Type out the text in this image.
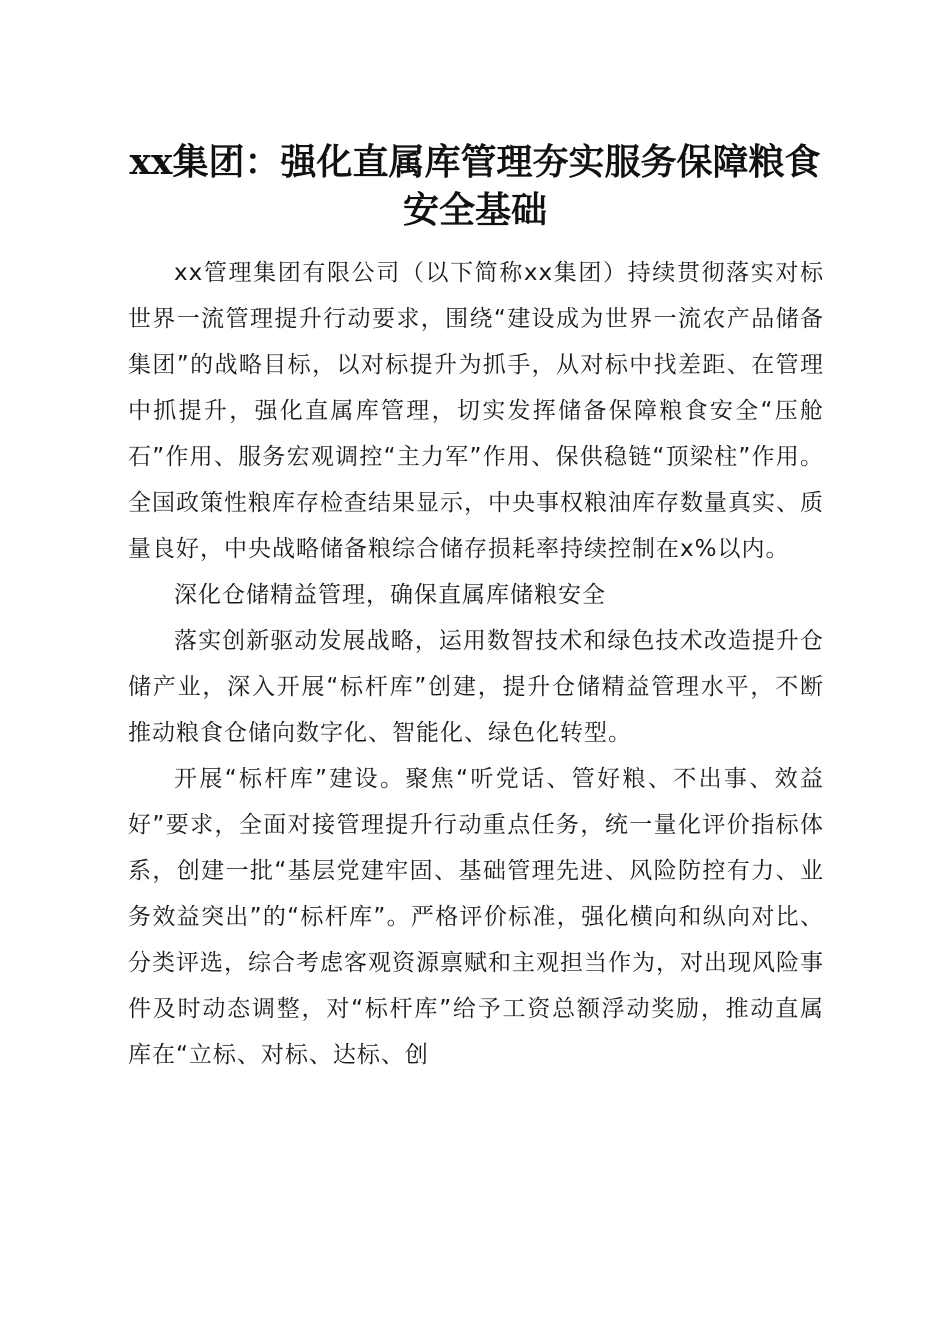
xx集团：强化直属库管理夯实服务保障粮食
安全基础

xx管理集团有限公司（以下简称xx集团）持续贯彻落实对标世界一流管理提升行动要求，围绕“建设成为世界一流农产品储备集团”的战略目标，以对标提升为抓手，从对标中找差距、在管理中抓提升，强化直属库管理，切实发挥储备保障粮食安全“压舱石”作用、服务宏观调控“主力军”作用、保供稳链“顶梁柱”作用。全国政策性粮库存检查结果显示，中央事权粮油库存数量真实、质量良好，中央战略储备粮综合储存损耗率持续控制在x%以内。

深化仓储精益管理，确保直属库储粮安全

落实创新驱动发展战略，运用数智技术和绿色技术改造提升仓储产业，深入开展“标杆库”创建，提升仓储精益管理水平，不断推动粮食仓储向数字化、智能化、绿色化转型。

开展“标杆库”建设。聚焦“听党话、管好粮、不出事、效益好”要求，全面对接管理提升行动重点任务，统一量化评价指标体系，创建一批“基层党建牢固、基础管理先进、风险防控有力、业务效益突出”的“标杆库”。严格评价标准，强化横向和纵向对比、分类评选，综合考虑客观资源禀赋和主观担当作为，对出现风险事件及时动态调整，对“标杆库”给予工资总额浮动奖励，推动直属库在“立标、对标、达标、创
